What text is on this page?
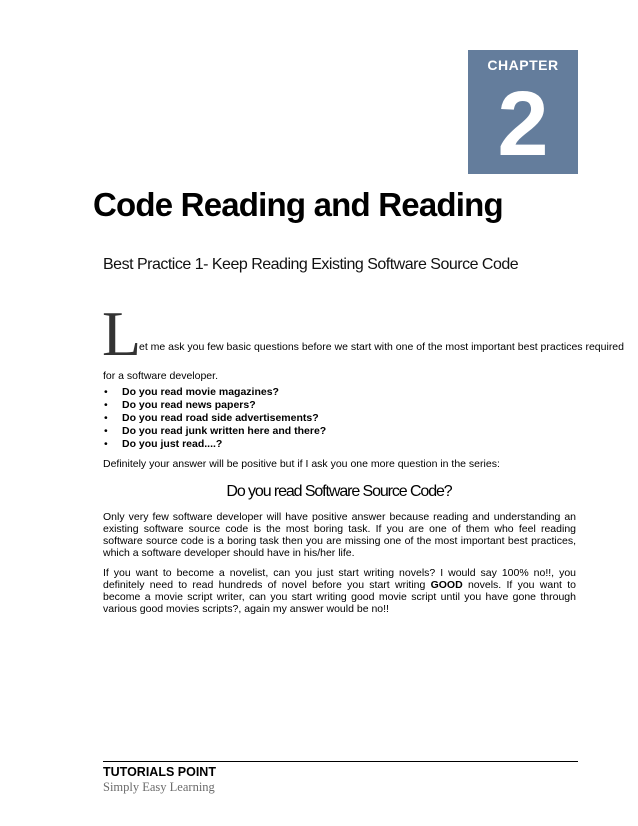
CHAPTER
2
Code Reading and Reading
Best Practice 1- Keep Reading Existing Software Source Code
L
et me ask you few basic questions before we start with one of the most important best practices required
for a software developer.
• Do you read movie magazines?
• Do you read news papers?
• Do you read road side advertisements?
• Do you read junk written here and there?
• Do you just read....?
Definitely your answer will be positive but if I ask you one more question in the series:
Do you read Software Source Code?

Only very few software developer will have positive answer because reading and understanding an existing software source code is the most boring task. If you are one of them who feel reading software source code is a boring task then you are missing one of the most important best practices, which a software developer should have in his/her life.

If you want to become a novelist, can you just start writing novels? I would say 100% no!!, you definitely need to read hundreds of novel before you start writing GOOD novels. If you want to become a movie script writer, can you start writing good movie script until you have gone through various good movies scripts?, again my answer would be no!!

TUTORIALS POINT
Simply Easy Learning
